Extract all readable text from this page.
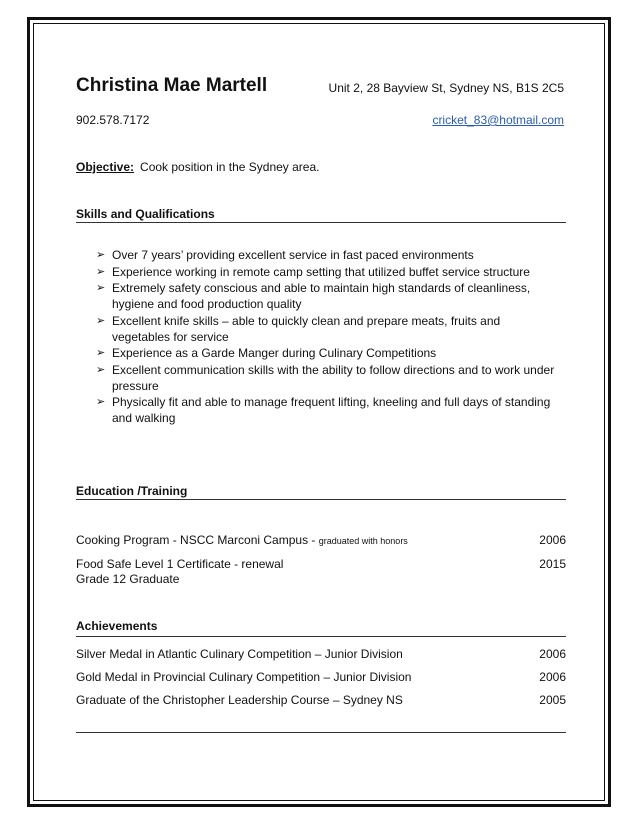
Christina Mae Martell	Unit 2, 28 Bayview St, Sydney NS, B1S 2C5
902.578.7172	cricket_83@hotmail.com
Objective: Cook position in the Sydney area.
Skills and Qualifications
➢ Over 7 years’ providing excellent service in fast paced environments
➢ Experience working in remote camp setting that utilized buffet service structure
➢ Extremely safety conscious and able to maintain high standards of cleanliness, hygiene and food production quality
➢ Excellent knife skills – able to quickly clean and prepare meats, fruits and vegetables for service
➢ Experience as a Garde Manger during Culinary Competitions
➢ Excellent communication skills with the ability to follow directions and to work under pressure
➢ Physically fit and able to manage frequent lifting, kneeling and full days of standing and walking
Education /Training
Cooking Program - NSCC Marconi Campus - graduated with honors	2006
Food Safe Level 1 Certificate - renewal	2015
Grade 12 Graduate
Achievements
Silver Medal in Atlantic Culinary Competition – Junior Division	2006
Gold Medal in Provincial Culinary Competition – Junior Division	2006
Graduate of the Christopher Leadership Course – Sydney NS	2005
